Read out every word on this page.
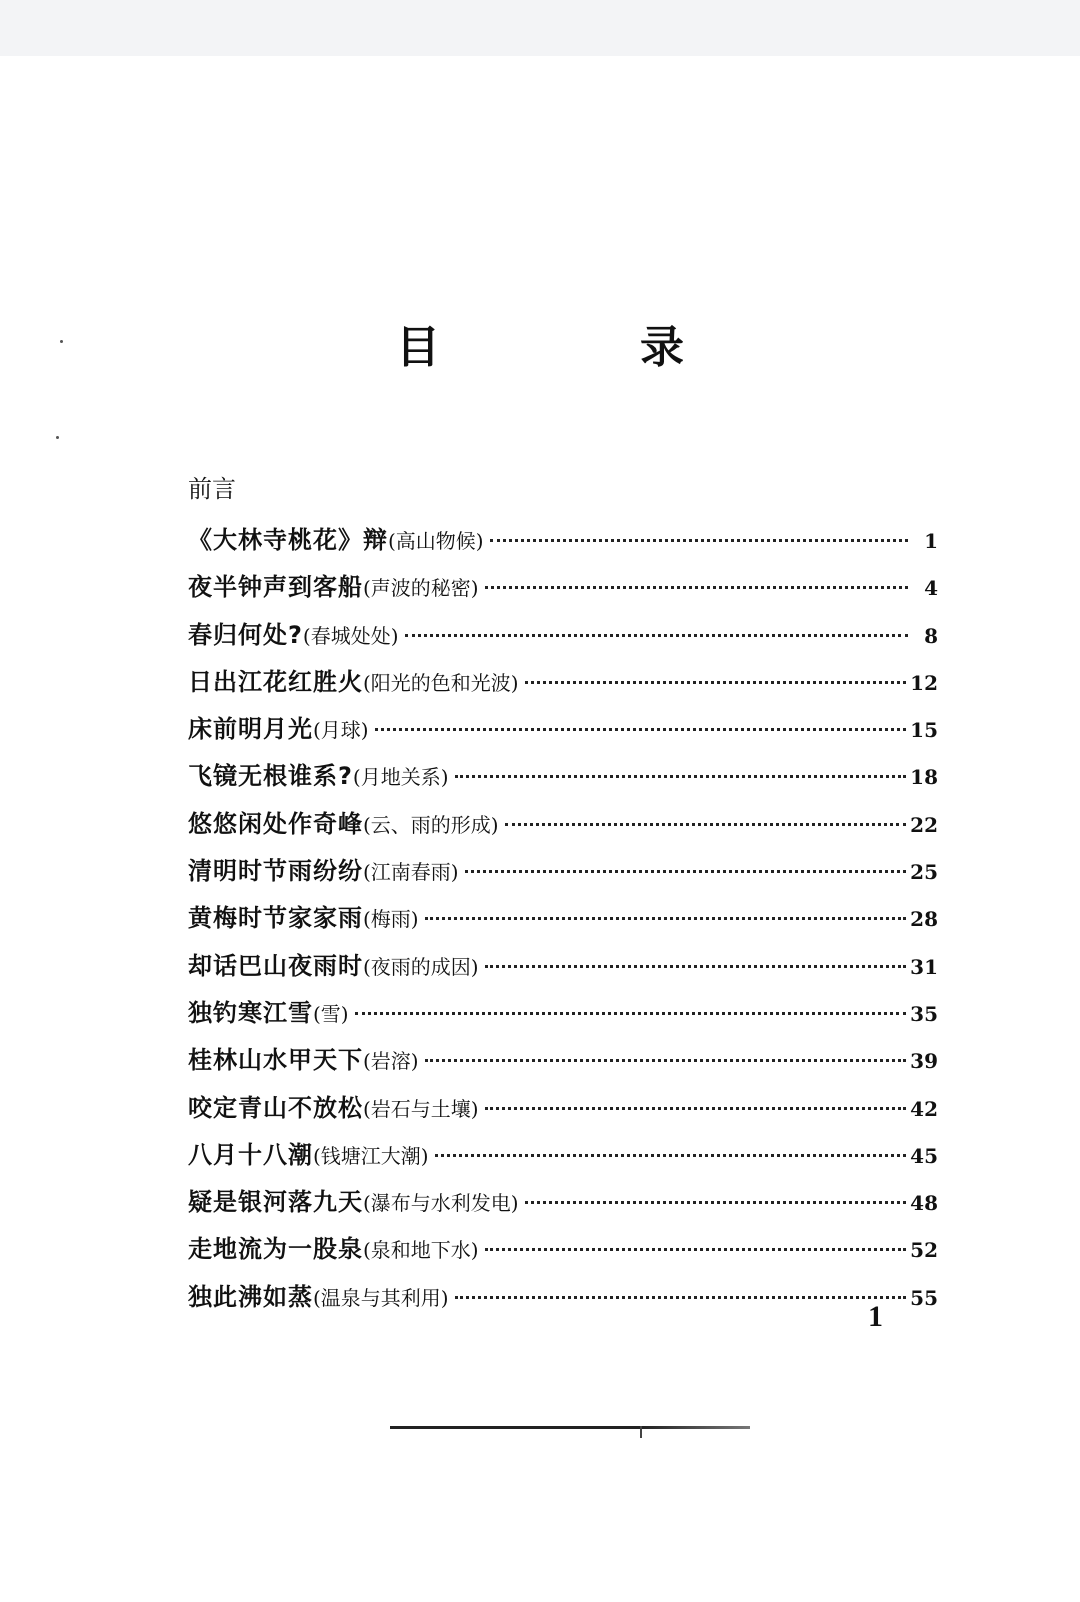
目　录
前言
《大林寺桃花》辩 (高山物候)	1
夜半钟声到客船 (声波的秘密)	4
春归何处? (春城处处)	8
日出江花红胜火 (阳光的色和光波)	12
床前明月光 (月球)	15
飞镜无根谁系? (月地关系)	18
悠悠闲处作奇峰 (云、雨的形成)	22
清明时节雨纷纷 (江南春雨)	25
黄梅时节家家雨 (梅雨)	28
却话巴山夜雨时 (夜雨的成因)	31
独钓寒江雪 (雪)	35
桂林山水甲天下 (岩溶)	39
咬定青山不放松 (岩石与土壤)	42
八月十八潮 (钱塘江大潮)	45
疑是银河落九天 (瀑布与水利发电)	48
走地流为一股泉 (泉和地下水)	52
独此沸如蒸 (温泉与其利用)	55
1
